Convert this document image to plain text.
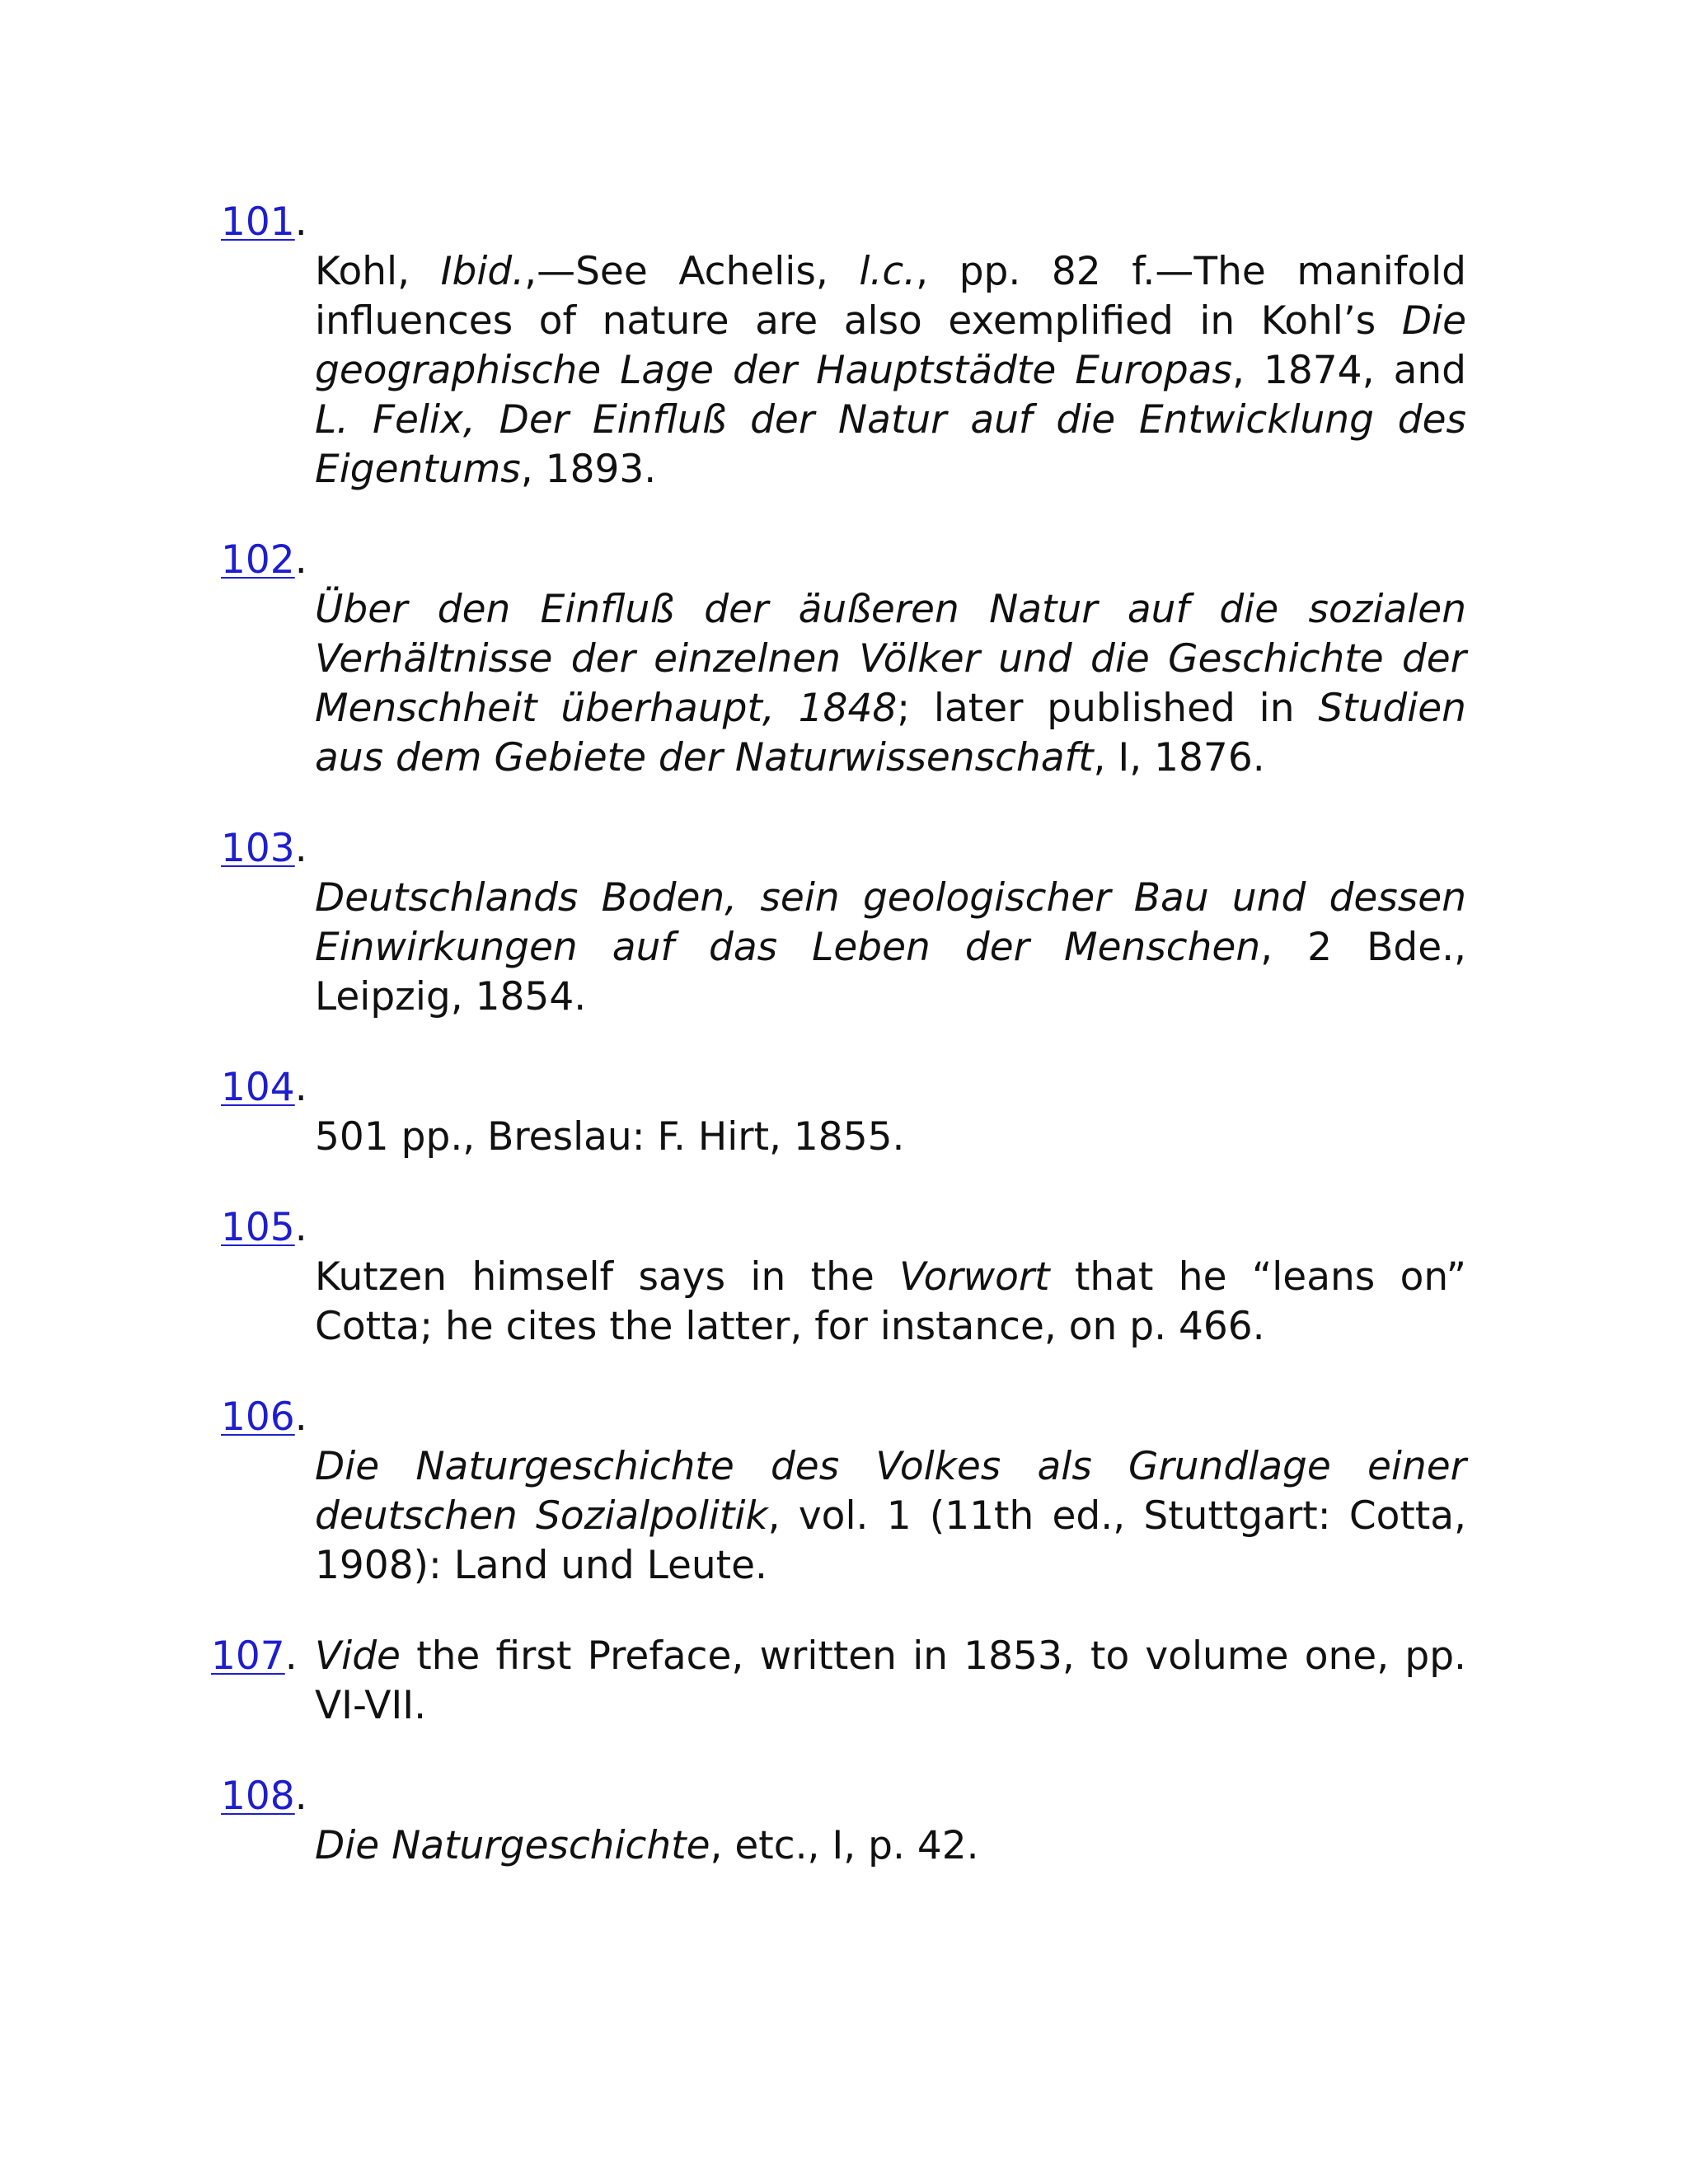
101.
Kohl, Ibid.,—See Achelis, l.c., pp. 82 f.—The manifold influences of nature are also exemplified in Kohl’s Die geographische Lage der Hauptstädte Europas, 1874, and L. Felix, Der Einfluß der Natur auf die Entwicklung des Eigentums, 1893.
102.
Über den Einfluß der äußeren Natur auf die sozialen Verhältnisse der einzelnen Völker und die Geschichte der Menschheit überhaupt, 1848; later published in Studien aus dem Gebiete der Naturwissenschaft, I, 1876.
103.
Deutschlands Boden, sein geologischer Bau und dessen Einwirkungen auf das Leben der Menschen, 2 Bde., Leipzig, 1854.
104.
501 pp., Breslau: F. Hirt, 1855.
105.
Kutzen himself says in the Vorwort that he “leans on” Cotta; he cites the latter, for instance, on p. 466.
106.
Die Naturgeschichte des Volkes als Grundlage einer deutschen Sozialpolitik, vol. 1 (11th ed., Stuttgart: Cotta, 1908): Land und Leute.
107. Vide the first Preface, written in 1853, to volume one, pp. VI-VII.
108.
Die Naturgeschichte, etc., I, p. 42.
